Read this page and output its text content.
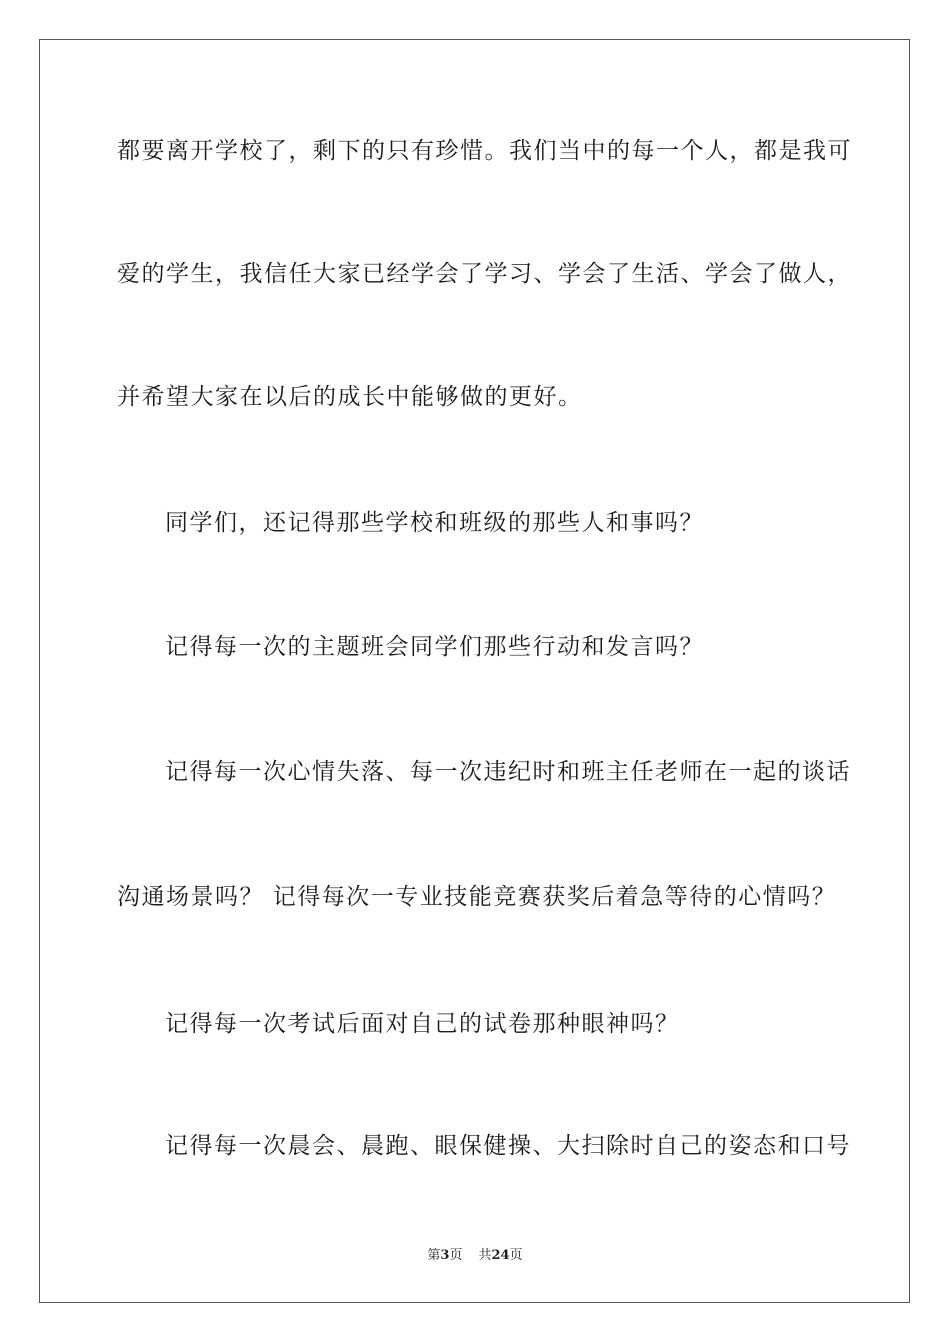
都要离开学校了，剩下的只有珍惜。我们当中的每一个人，都是我可
爱的学生，我信任大家已经学会了学习、学会了生活、学会了做人，
并希望大家在以后的成长中能够做的更好。
同学们，还记得那些学校和班级的那些人和事吗？
记得每一次的主题班会同学们那些行动和发言吗？
记得每一次心情失落、每一次违纪时和班主任老师在一起的谈话
沟通场景吗？ 记得每次一专业技能竞赛获奖后着急等待的心情吗？
记得每一次考试后面对自己的试卷那种眼神吗？
记得每一次晨会、晨跑、眼保健操、大扫除时自己的姿态和口号
第3页 共24页
